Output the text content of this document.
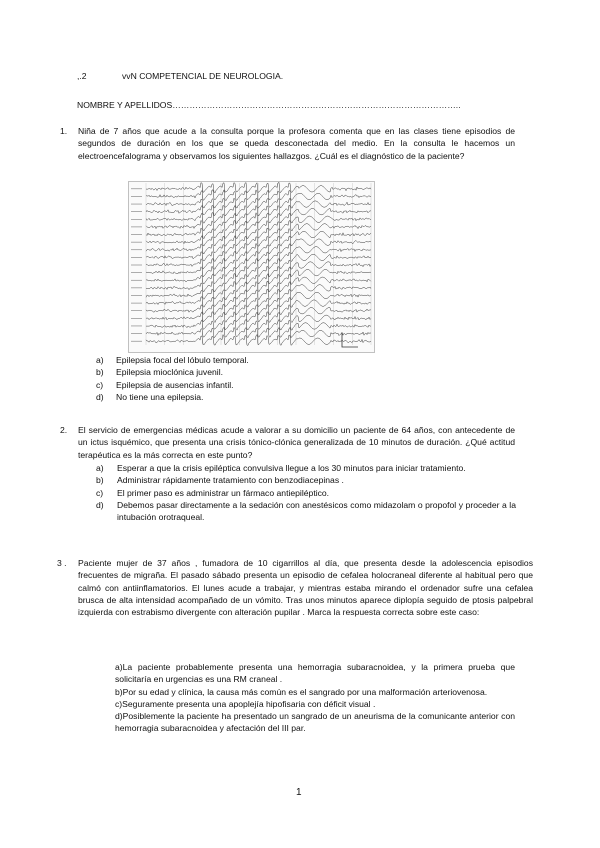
,.2	vvN COMPETENCIAL DE NEUROLOGIA.
NOMBRE Y APELLIDOS………………………………………………………………………………………..
1. Niña de 7 años que acude a la consulta porque la profesora comenta que en las clases tiene episodios de segundos de duración en los que se queda desconectada del medio. En la consulta le hacemos un electroencefalograma y observamos los siguientes hallazgos. ¿Cuál es el diagnóstico de la paciente?
a) Epilepsia focal del lóbulo temporal.
b) Epilepsia mioclónica juvenil.
c) Epilepsia de ausencias infantil.
d) No tiene una epilepsia.
2. El servicio de emergencias médicas acude a valorar a su domicilio un paciente de 64 años, con antecedente de un ictus isquémico, que presenta una crisis tónico-clónica generalizada de 10 minutos de duración. ¿Qué actitud terapéutica es la más correcta en este punto?
a) Esperar a que la crisis epiléptica convulsiva llegue a los 30 minutos para iniciar tratamiento.
b) Administrar rápidamente tratamiento con benzodiacepinas .
c) El primer paso es administrar un fármaco antiepiléptico.
d) Debemos pasar directamente a la sedación con anestésicos como midazolam o propofol y proceder a la intubación orotraqueal.
3 . Paciente mujer de 37 años , fumadora de 10 cigarrillos al día, que presenta desde la adolescencia episodios frecuentes de migraña. El pasado sábado presenta un episodio de cefalea holocraneal diferente al habitual pero que calmó con antiinflamatorios. El lunes acude a trabajar, y mientras estaba mirando el ordenador sufre una cefalea brusca de alta intensidad acompañado de un vómito. Tras unos minutos aparece diplopía seguido de ptosis palpebral izquierda con estrabismo divergente con alteración pupilar . Marca la respuesta correcta sobre este caso:
a)La paciente probablemente presenta una hemorragia subaracnoidea, y la primera prueba que solicitaría en urgencias es una RM craneal .
b)Por su edad y clínica, la causa más común es el sangrado por una malformación arteriovenosa.
c)Seguramente presenta una apoplejía hipofisaria con déficit visual .
d)Posiblemente la paciente ha presentado un sangrado de un aneurisma de la comunicante anterior con hemorragia subaracnoidea y afectación del III par.
1
